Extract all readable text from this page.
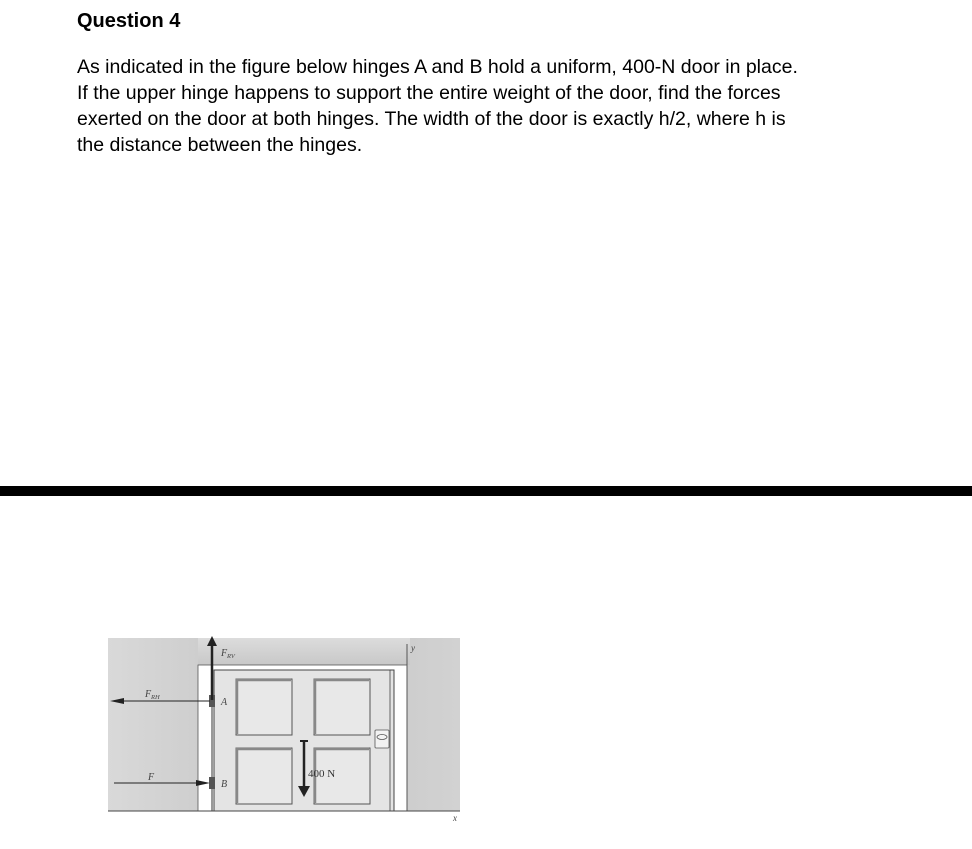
Question 4
As indicated in the figure below hinges A and B hold a uniform, 400-N door in place.
If the upper hinge happens to support the entire weight of the door, find the forces
exerted on the door at both hinges. The width of the door is exactly h/2, where h is
the distance between the hinges.
F RV
F RH
F
A
B
400 N
y
x
